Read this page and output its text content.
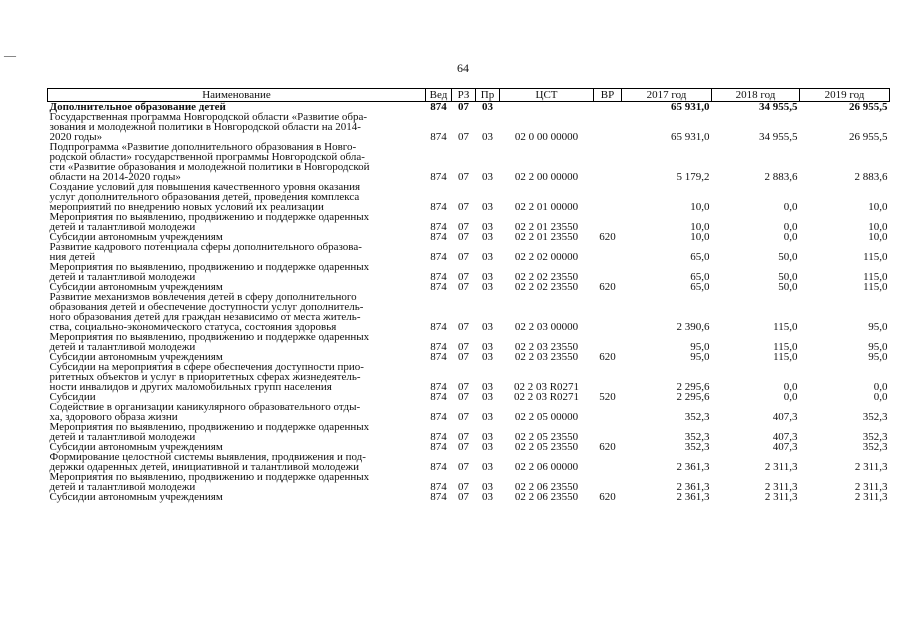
—
64
Наименование	Вед	РЗ	Пр	ЦСТ	ВР	2017 год	2018 год	2019 год
Дополнительное образование детей	874	07	03			65 931,0	34 955,5	26 955,5
Государственная программа Новгородской области «Развитие обра-
зования и молодежной политики в Новгородской области на 2014-
2020 годы»	874	07	03	02 0 00 00000		65 931,0	34 955,5	26 955,5
Подпрограмма «Развитие дополнительного образования в Новго-
родской области» государственной программы Новгородской обла-
сти «Развитие образования и молодежной политики в Новгородской
области на 2014-2020 годы»	874	07	03	02 2 00 00000		5 179,2	2 883,6	2 883,6
Создание условий для повышения качественного уровня оказания
услуг дополнительного образования детей, проведения комплекса
мероприятий по внедрению новых условий их реализации	874	07	03	02 2 01 00000		10,0	0,0	10,0
Мероприятия по выявлению, продвижению и поддержке одаренных
детей и талантливой молодежи	874	07	03	02 2 01 23550		10,0	0,0	10,0
Субсидии автономным учреждениям	874	07	03	02 2 01 23550	620	10,0	0,0	10,0
Развитие кадрового потенциала сферы дополнительного образова-
ния детей	874	07	03	02 2 02 00000		65,0	50,0	115,0
Мероприятия по выявлению, продвижению и поддержке одаренных
детей и талантливой молодежи	874	07	03	02 2 02 23550		65,0	50,0	115,0
Субсидии автономным учреждениям	874	07	03	02 2 02 23550	620	65,0	50,0	115,0
Развитие механизмов вовлечения детей в сферу дополнительного
образования детей и обеспечение доступности услуг дополнитель-
ного образования детей для граждан независимо от места житель-
ства, социально-экономического статуса, состояния здоровья	874	07	03	02 2 03 00000		2 390,6	115,0	95,0
Мероприятия по выявлению, продвижению и поддержке одаренных
детей и талантливой молодежи	874	07	03	02 2 03 23550		95,0	115,0	95,0
Субсидии автономным учреждениям	874	07	03	02 2 03 23550	620	95,0	115,0	95,0
Субсидии на мероприятия в сфере обеспечения доступности прио-
ритетных объектов и услуг в приоритетных сферах жизнедеятель-
ности инвалидов и других маломобильных групп населения	874	07	03	02 2 03 R0271		2 295,6	0,0	0,0
Субсидии	874	07	03	02 2 03 R0271	520	2 295,6	0,0	0,0
Содействие в организации каникулярного образовательного отды-
ха, здорового образа жизни	874	07	03	02 2 05 00000		352,3	407,3	352,3
Мероприятия по выявлению, продвижению и поддержке одаренных
детей и талантливой молодежи	874	07	03	02 2 05 23550		352,3	407,3	352,3
Субсидии автономным учреждениям	874	07	03	02 2 05 23550	620	352,3	407,3	352,3
Формирование целостной системы выявления, продвижения и под-
держки одаренных детей, инициативной и талантливой молодежи	874	07	03	02 2 06 00000		2 361,3	2 311,3	2 311,3
Мероприятия по выявлению, продвижению и поддержке одаренных
детей и талантливой молодежи	874	07	03	02 2 06 23550		2 361,3	2 311,3	2 311,3
Субсидии автономным учреждениям	874	07	03	02 2 06 23550	620	2 361,3	2 311,3	2 311,3
